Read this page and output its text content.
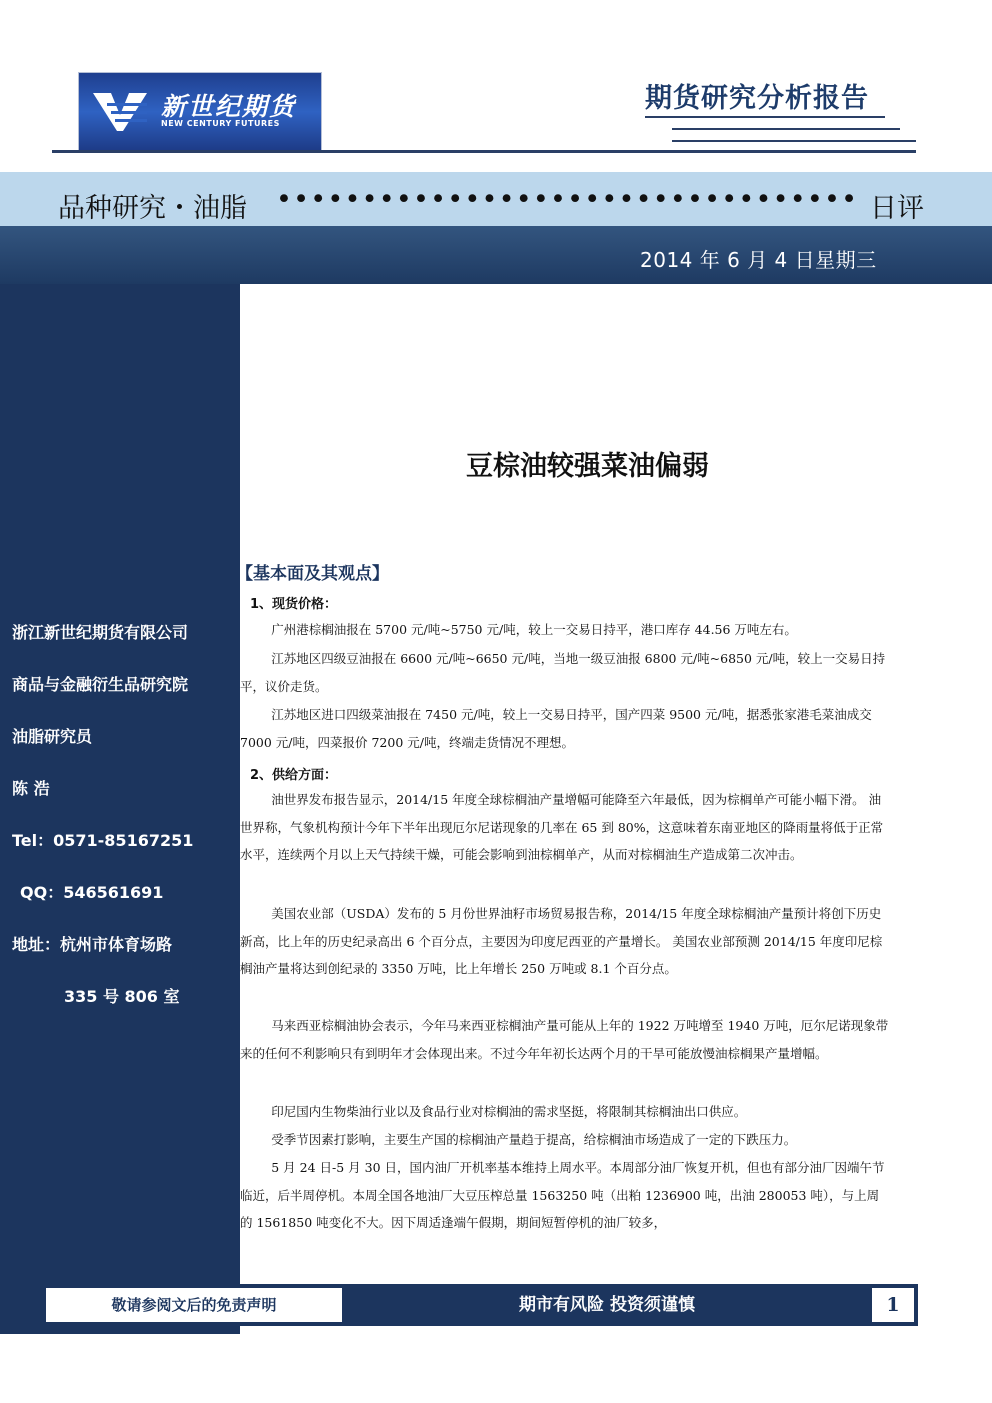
新世纪期货
NEW CENTURY FUTURES
期货研究分析报告
品种研究・油脂 •••••••••••••••••••••••••••••••••• 日评
2014 年 6 月 4 日星期三
浙江新世纪期货有限公司
商品与金融衍生品研究院
油脂研究员
陈 浩
Tel：0571-85167251
QQ：546561691
地址：杭州市体育场路
335 号 806 室
豆棕油较强菜油偏弱
【基本面及其观点】
1、现货价格：
广州港棕榈油报在 5700 元/吨~5750 元/吨，较上一交易日持平，港口库存 44.56 万吨左右。
江苏地区四级豆油报在 6600 元/吨~6650 元/吨，当地一级豆油报 6800 元/吨~6850 元/吨，较上一交易日持平，议价走货。
江苏地区进口四级菜油报在 7450 元/吨，较上一交易日持平，国产四菜 9500 元/吨，据悉张家港毛菜油成交 7000 元/吨，四菜报价 7200 元/吨，终端走货情况不理想。
2、供给方面：
油世界发布报告显示，2014/15 年度全球棕榈油产量增幅可能降至六年最低，因为棕榈单产可能小幅下滑。 油世界称，气象机构预计今年下半年出现厄尔尼诺现象的几率在 65 到 80%，这意味着东南亚地区的降雨量将低于正常水平，连续两个月以上天气持续干燥，可能会影响到油棕榈单产，从而对棕榈油生产造成第二次冲击。
美国农业部（USDA）发布的 5 月份世界油籽市场贸易报告称，2014/15 年度全球棕榈油产量预计将创下历史新高，比上年的历史纪录高出 6 个百分点，主要因为印度尼西亚的产量增长。 美国农业部预测 2014/15 年度印尼棕榈油产量将达到创纪录的 3350 万吨，比上年增长 250 万吨或 8.1 个百分点。
马来西亚棕榈油协会表示，今年马来西亚棕榈油产量可能从上年的 1922 万吨增至 1940 万吨，厄尔尼诺现象带来的任何不利影响只有到明年才会体现出来。不过今年年初长达两个月的干旱可能放慢油棕榈果产量增幅。
印尼国内生物柴油行业以及食品行业对棕榈油的需求坚挺，将限制其棕榈油出口供应。
受季节因素打影响，主要生产国的棕榈油产量趋于提高，给棕榈油市场造成了一定的下跌压力。
5 月 24 日-5 月 30 日，国内油厂开机率基本维持上周水平。本周部分油厂恢复开机，但也有部分油厂因端午节临近，后半周停机。本周全国各地油厂大豆压榨总量 1563250 吨（出粕 1236900 吨，出油 280053 吨），与上周的 1561850 吨变化不大。因下周适逢端午假期，期间短暂停机的油厂较多，
敬请参阅文后的免责声明	期市有风险 投资须谨慎	1
